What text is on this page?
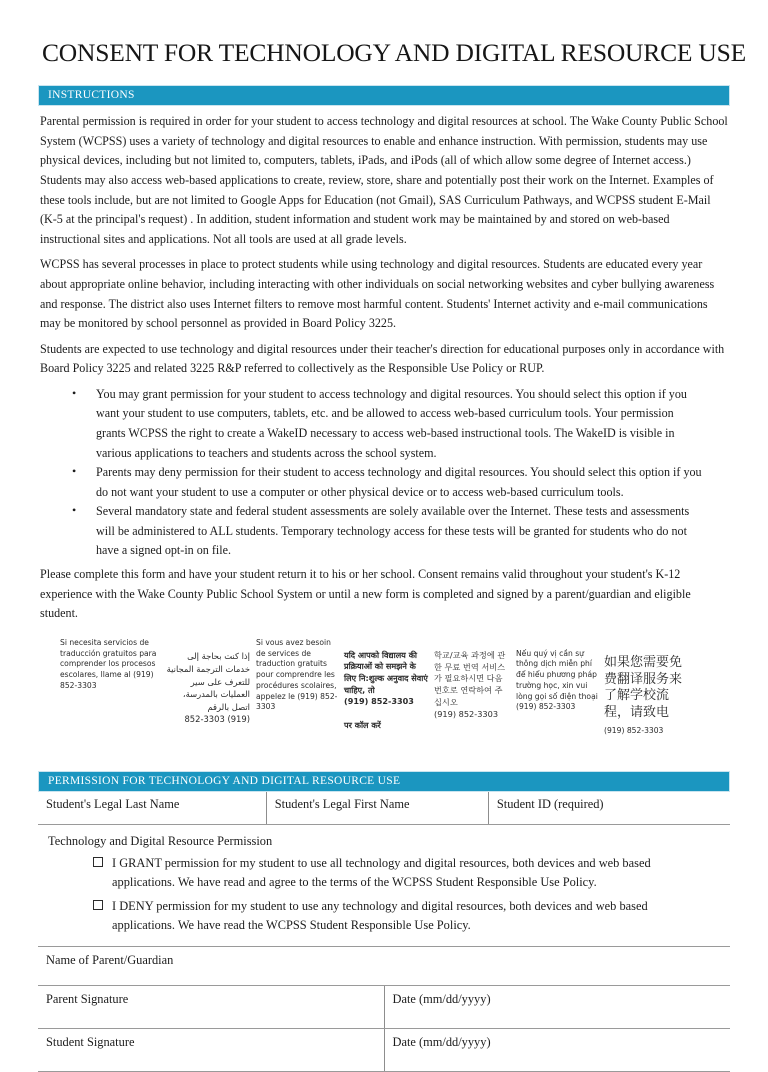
CONSENT FOR TECHNOLOGY AND DIGITAL RESOURCE USE
INSTRUCTIONS

Parental permission is required in order for your student to access technology and digital resources at school. The Wake County Public School System (WCPSS) uses a variety of technology and digital resources to enable and enhance instruction. With permission, students may use physical devices, including but not limited to, computers, tablets, iPads, and iPods (all of which allow some degree of Internet access.) Students may also access web-based applications to create, review, store, share and potentially post their work on the Internet. Examples of these tools include, but are not limited to Google Apps for Education (not Gmail), SAS Curriculum Pathways, and WCPSS student E-Mail (K-5 at the principal's request) . In addition, student information and student work may be maintained by and stored on web-based instructional sites and applications. Not all tools are used at all grade levels.

WCPSS has several processes in place to protect students while using technology and digital resources. Students are educated every year about appropriate online behavior, including interacting with other individuals on social networking websites and cyber bullying awareness and response. The district also uses Internet filters to remove most harmful content. Students' Internet activity and e-mail communications may be monitored by school personnel as provided in Board Policy 3225.

Students are expected to use technology and digital resources under their teacher's direction for educational purposes only in accordance with Board Policy 3225 and related 3225 R&P referred to collectively as the Responsible Use Policy or RUP.

• You may grant permission for your student to access technology and digital resources. You should select this option if you want your student to use computers, tablets, etc. and be allowed to access web-based curriculum tools. Your permission grants WCPSS the right to create a WakeID necessary to access web-based instructional tools. The WakeID is visible in various applications to teachers and students across the school system.
• Parents may deny permission for their student to access technology and digital resources. You should select this option if you do not want your student to use a computer or other physical device or to access web-based curriculum tools.
• Several mandatory state and federal student assessments are solely available over the Internet. These tests and assessments will be administered to ALL students. Temporary technology access for these tests will be granted for students who do not have a signed opt-in on file.

Please complete this form and have your student return it to his or her school. Consent remains valid throughout your student's K-12 experience with the Wake County Public School System or until a new form is completed and signed by a parent/guardian and eligible student.

Si necesita servicios de traducción gratuitos para comprender los procesos escolares, llame al (919) 852-3303

إذا كنت بحاجة إلى خدمات الترجمة المجانية للتعرف على سير العمليات بالمدرسة، اتصل بالرقم

(919) 852-3303

Si vous avez besoin de services de traduction gratuits pour comprendre les procédures scolaires, appelez le (919) 852-3303

यदि आपको विद्यालय की प्रक्रियाओं को समझने के लिए नि:शुल्क अनुवाद सेवाएं चाहिए, तो

(919) 852-3303

पर कॉल करें

학교/교육 과정에 관한 무료 번역 서비스가 필요하시면 다음 번호로 연락하여 주십시오

(919) 852-3303

Nếu quý vị cần sự thông dịch miễn phí để hiểu phương pháp trường học, xin vui lòng gọi số điện thoại

(919) 852-3303

如果您需要免费翻译服务来了解学校流程，请致电

(919) 852-3303

PERMISSION FOR TECHNOLOGY AND DIGITAL RESOURCE USE
Student's Legal Last Name	Student's Legal First Name	Student ID (required)
Technology and Digital Resource Permission
I GRANT permission for my student to use all technology and digital resources, both devices and web based applications. We have read and agree to the terms of the WCPSS Student Responsible Use Policy.
I DENY permission for my student to use any technology and digital resources, both devices and web based applications. We have read the WCPSS Student Responsible Use Policy.
Name of Parent/Guardian	
Parent Signature	Date (mm/dd/yyyy)
Student Signature	Date (mm/dd/yyyy)
